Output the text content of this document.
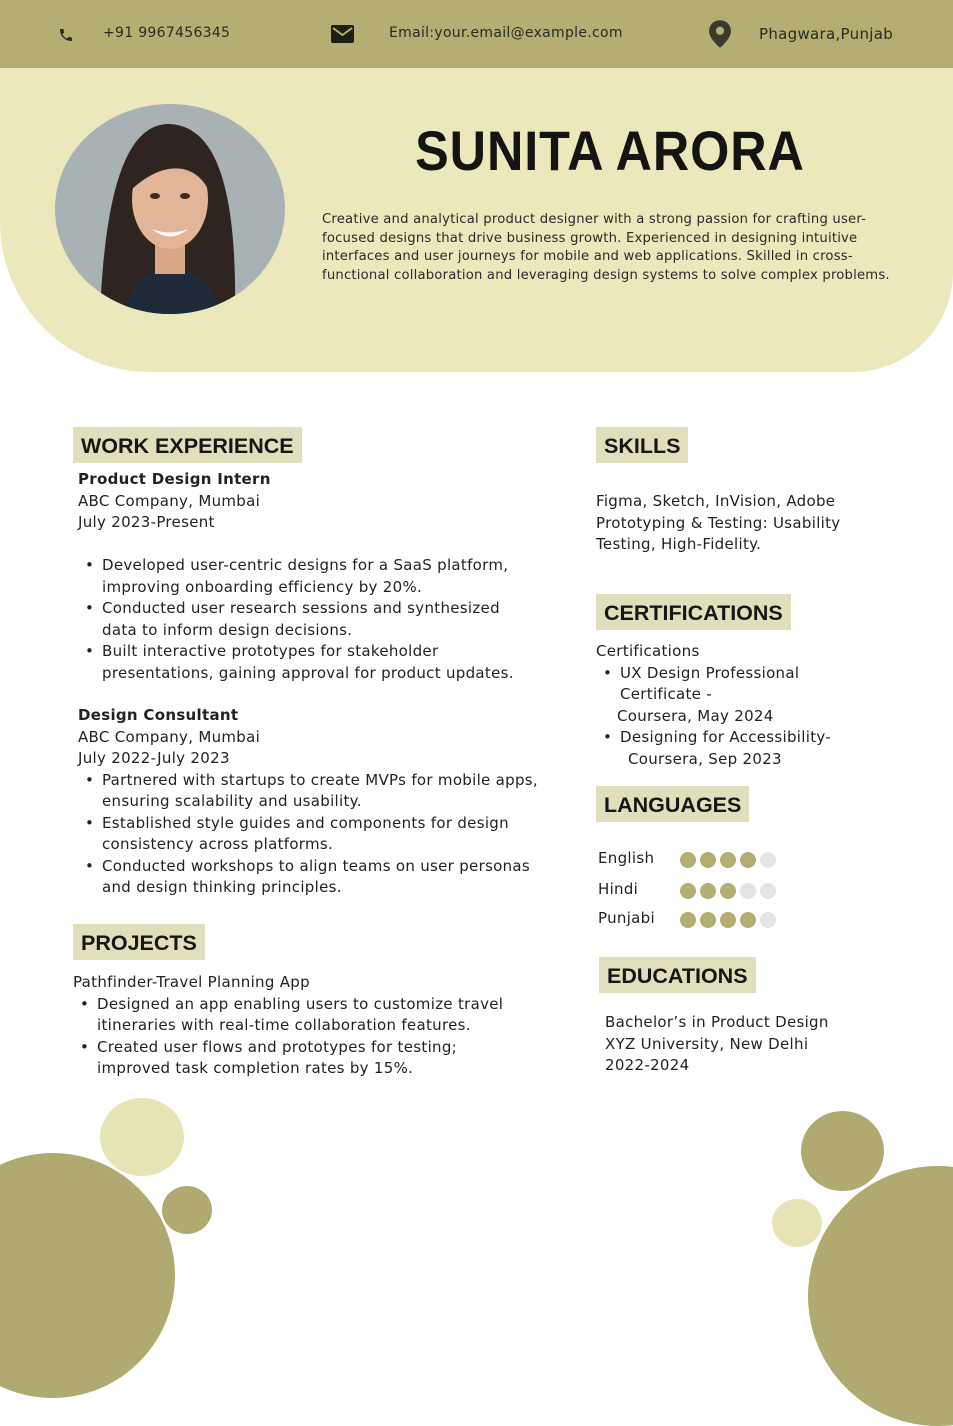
+91 9967456345	Email:your.email@example.com	Phagwara,Punjab
SUNITA ARORA
Creative and analytical product designer with a strong passion for crafting user-focused designs that drive business growth. Experienced in designing intuitive interfaces and user journeys for mobile and web applications. Skilled in cross-functional collaboration and leveraging design systems to solve complex problems.
WORK EXPERIENCE
Product Design Intern
ABC Company, Mumbai
July 2023-Present
• Developed user-centric designs for a SaaS platform, improving onboarding efficiency by 20%.
• Conducted user research sessions and synthesized data to inform design decisions.
• Built interactive prototypes for stakeholder presentations, gaining approval for product updates.
Design Consultant
ABC Company, Mumbai
July 2022-July 2023
• Partnered with startups to create MVPs for mobile apps, ensuring scalability and usability.
• Established style guides and components for design consistency across platforms.
• Conducted workshops to align teams on user personas and design thinking principles.
PROJECTS
Pathfinder-Travel Planning App
• Designed an app enabling users to customize travel itineraries with real-time collaboration features.
• Created user flows and prototypes for testing; improved task completion rates by 15%.
SKILLS
Figma, Sketch, InVision, Adobe Prototyping & Testing: Usability Testing, High-Fidelity.
CERTIFICATIONS
Certifications
• UX Design Professional
Certificate -
Coursera, May 2024
• Designing for Accessibility-
Coursera, Sep 2023
LANGUAGES
English
Hindi
Punjabi
EDUCATIONS
Bachelor’s in Product Design
XYZ University, New Delhi
2022-2024
